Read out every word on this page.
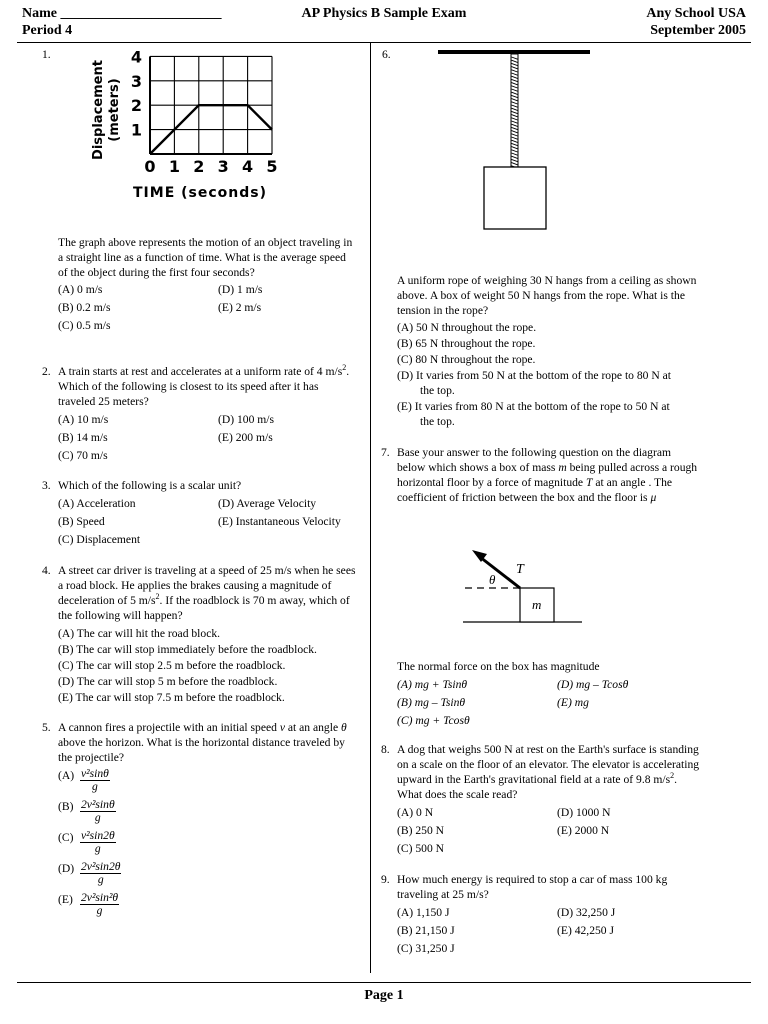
Name _______________________
Period 4
AP Physics B Sample Exam	Any School USA
September 2005
1.
Displacement (meters)
TIME (seconds)
1
2
3
4
0 1 2 3 4 5
The graph above represents the motion of an object traveling in a straight line as a function of time. What is the average speed of the object during the first four seconds?
(A) 0 m/s
(B) 0.2 m/s
(C) 0.5 m/s
(D) 1 m/s
(E) 2 m/s
2. A train starts at rest and accelerates at a uniform rate of 4 $m/s^2$. Which of the following is closest to its speed after it has traveled 25 meters?
(A) 10 m/s
(B) 14 m/s
(C) 70 m/s
(D) 100 m/s
(E) 200 m/s
3. Which of the following is a scalar unit?
(A) Acceleration
(B) Speed
(C) Displacement
(D) Average Velocity
(E) Instantaneous Velocity
4. A street car driver is traveling at a speed of 25 m/s when he sees a road block. He applies the brakes causing a magnitude of deceleration of 5 $m/s^2$. If the roadblock is 70 m away, which of the following will happen?
(A) The car will hit the road block.
(B) The car will stop immediately before the roadblock.
(C) The car will stop 2.5 m before the roadblock.
(D) The car will stop 5 m before the roadblock.
(E) The car will stop 7.5 m before the roadblock.
5. A cannon fires a projectile with an initial speed v at an angle θ above the horizon. What is the horizontal distance traveled by the projectile?
$(A) \frac{\text{v²sinθ}}{g}$
$(B) \frac{\text{2v²sinθ}}{g}$
$(C) \frac{\text{v²sin2θ}}{g}$
$(D) \frac{\text{2v²sin2θ}}{g}$
$(E) \frac{\text{2v²sin²θ}}{g}$
6.
A uniform rope of weighing 30 N hangs from a ceiling as shown above. A box of weight 50 N hangs from the rope. What is the tension in the rope?
(A) 50 N throughout the rope.
(B) 65 N throughout the rope.
(C) 80 N throughout the rope.
(D) It varies from 50 N at the bottom of the rope to 80 N at
the top.
(E) It varies from 80 N at the bottom of the rope to 50 N at
the top.
7. Base your answer to the following question on the diagram below which shows a box of mass m being pulled across a rough horizontal floor by a force of magnitude T at an angle . The coefficient of friction between the box and the floor is μ
T
θ
m
The normal force on the box has magnitude
(A) mg + Tsinθ
(B) mg – Tsinθ
(C) mg + Tcosθ
(D) mg – Tcosθ
(E) mg
8. A dog that weighs 500 N at rest on the Earth's surface is standing on a scale on the floor of an elevator. The elevator is accelerating upward in the Earth's gravitational field at a rate of 9.8 $m/s^2$. What does the scale read?
(A) 0 N
(B) 250 N
(C) 500 N
(D) 1000 N
(E) 2000 N
9. How much energy is required to stop a car of mass 100 kg traveling at 25 m/s?
(A) 1,150 J
(B) 21,150 J
(C) 31,250 J
(D) 32,250 J
(E) 42,250 J
Page 1
